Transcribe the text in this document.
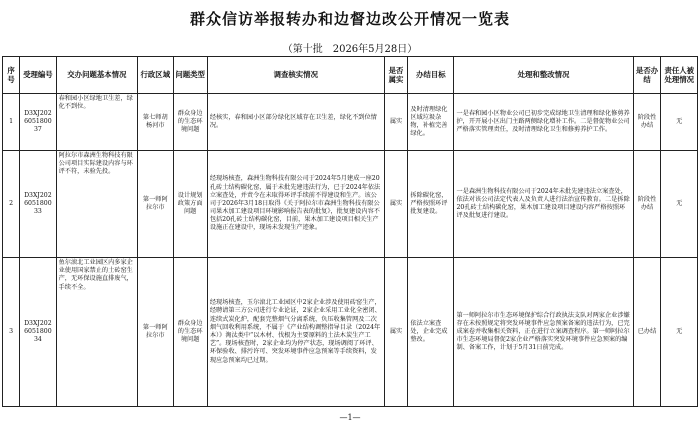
群众信访举报转办和边督边改公开情况一览表
（第十批　2026年5月28日）
序号	受理编号	交办问题基本情况	行政区域	问题类型	调查核实情况	是否属实	办结目标	处理和整改情况	是否办结	责任人被处理情况
1	D3XJ202605180037	春和园小区绿地卫生差，绿化不到位。	第七师胡杨河市	群众身边的生态环境问题	经核实，春和园小区部分绿化区域存在卫生差，绿化不到位情况。	属实	及时清理绿化区域垃圾杂物，补植完善绿化。	一是春和园小区物业公司已初步完成绿地卫生清理和绿化修剪养护，开开展小区出门主路两侧绿化增补工作。二是督促物业公司严格落实管理责任，及时清理绿化卫生和修剪养护工作。	阶段性办结	无
2	D3XJ202605180033	阿拉尔市森洲生物科技有限公司项目实际建设内容与环评不符，未验先投。	第一师阿拉尔市	设计规划政策方面问题	经现场核查，森洲生物科技有限公司于2024年5月建成一座20孔砖土结构碳化窑，属于未批先建违法行为，已于2024年依法立案查处，并责令在未取得环评手续前不得建设和生产。该公司于2026年3月18日取得《关于阿拉尔市森洲生物科技有限公司果木加工建设项目环境影响报告表的批复》，批复建设内容不包括20孔砖土结构碳化窑，目前，果木加工建设项目相关生产设施正在建设中，现场未发现生产迹象。	属实	拆除碳化窑，严格按照环评批复建设。	一是森洲生物科技有限公司于2024年未批先建违法立案查处，依法对该公司法定代表人及负责人进行法治宣传教育。二是拆除20孔砖土结构碳化窑，果木加工建设项目建设内容严格按照环评及批复进行建设。	阶段性办结	无
3	D3XJ202605180034	鱼尔滚北工业园区内多家企业使用国家禁止的土砖窑生产，无环保设施直排废气，手续不全。	第一师阿拉尔市	群众身边的生态环境问题	经现场核查，玉尔滚北工业园区中2家企业涉及使用砖窑生产，经聘请第三方公司进行专业论证，2家企业采用工业化全密闭、连续式炭化炉，配套完整烟气分离系统、负压收集管网及二次烟气回收利用系统，不属于《产业结构调整指导目录（2024年本）》淘汰类中“以木材、伐根为主要原料的土法木炭生产工艺”。现场核查时，2家企业均为停产状态，现场调阅了环评、环保验收、排污许可、突发环境事件应急预案等手续资料，发现应急预案均已过期。	属实	依法立案查处，企业完成整改。	第一师阿拉尔市生态环境保护综合行政执法支队对两家企业涉嫌存在未按照规定将突发环境事件应急预案备案的违法行为，已完成案卷并收集相关资料，正在进行立案调查程序。第一师阿拉尔市生态环境局督促2家企业严格落实突发环境事件应急预案的编制、备案工作，计划于5月31日前完成。	已办结	无
—1—
